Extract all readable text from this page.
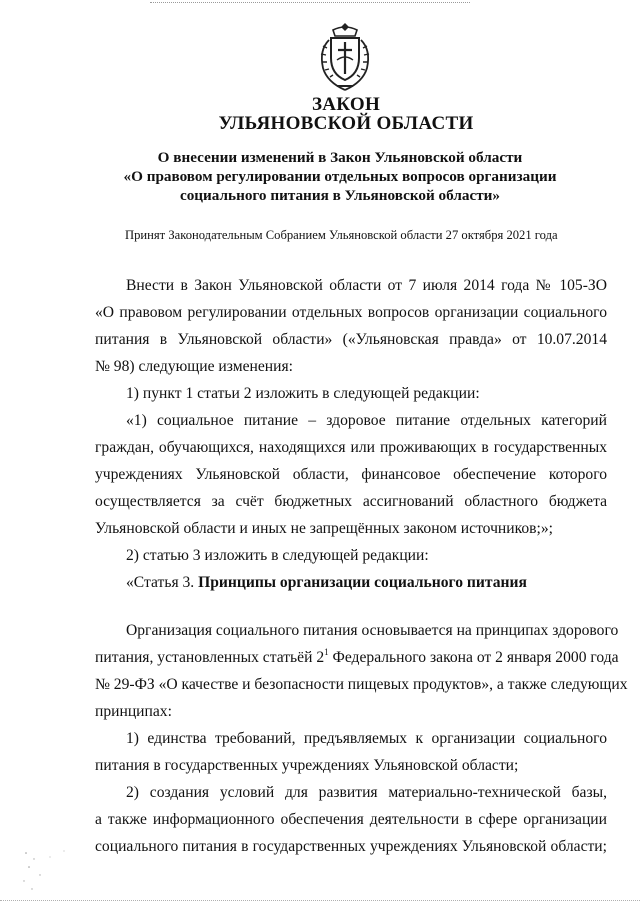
ЗАКОН
УЛЬЯНОВСКОЙ ОБЛАСТИ
О внесении изменений в Закон Ульяновской области
«О правовом регулировании отдельных вопросов организации
социального питания в Ульяновской области»
Принят Законодательным Собранием Ульяновской области 27 октября 2021 года
Внести в Закон Ульяновской области от 7 июля 2014 года № 105-ЗО
«О правовом регулировании отдельных вопросов организации социального
питания в Ульяновской области» («Ульяновская правда» от 10.07.2014
№ 98) следующие изменения:
1) пункт 1 статьи 2 изложить в следующей редакции:
«1) социальное питание – здоровое питание отдельных категорий
граждан, обучающихся, находящихся или проживающих в государственных
учреждениях Ульяновской области, финансовое обеспечение которого
осуществляется за счёт бюджетных ассигнований областного бюджета
Ульяновской области и иных не запрещённых законом источников;»;
2) статью 3 изложить в следующей редакции:
«Статья 3. Принципы организации социального питания
Организация социального питания основывается на принципах здорового
питания, установленных статьёй $2^1$ Федерального закона от 2 января 2000 года
№ 29-ФЗ «О качестве и безопасности пищевых продуктов», а также следующих
принципах:
1) единства требований, предъявляемых к организации социального
питания в государственных учреждениях Ульяновской области;
2) создания условий для развития материально-технической базы,
а также информационного обеспечения деятельности в сфере организации
социального питания в государственных учреждениях Ульяновской области;
